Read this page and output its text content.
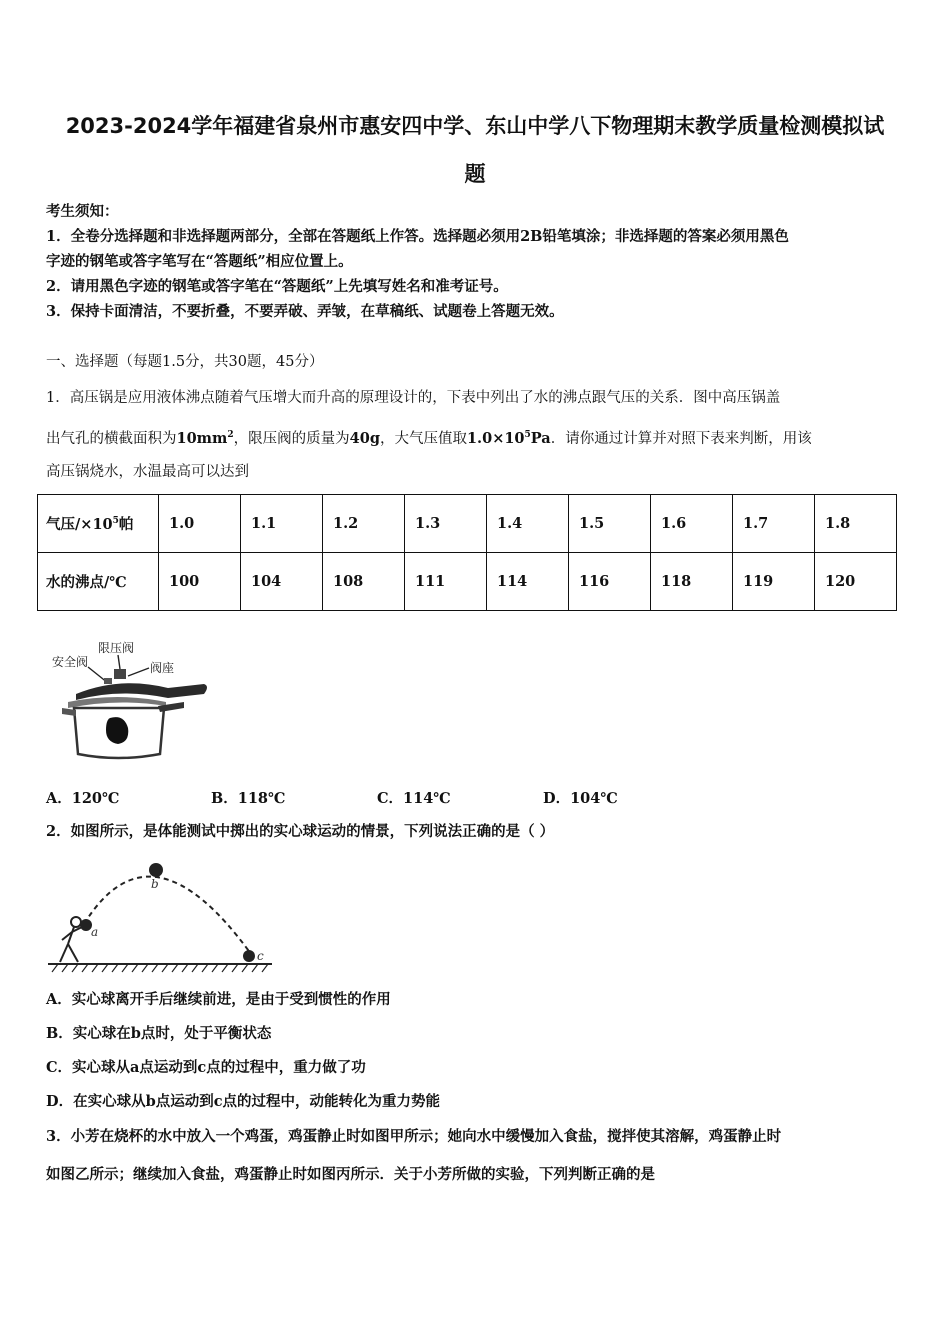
2023-2024学年福建省泉州市惠安四中学、东山中学八下物理期末教学质量检测模拟试
题
考生须知：
1．全卷分选择题和非选择题两部分，全部在答题纸上作答。选择题必须用2B铅笔填涂；非选择题的答案必须用黑色
字迹的钢笔或答字笔写在“答题纸”相应位置上。
2．请用黑色字迹的钢笔或答字笔在“答题纸”上先填写姓名和准考证号。
3．保持卡面清洁，不要折叠，不要弄破、弄皱，在草稿纸、试题卷上答题无效。
一、选择题（每题1.5分，共30题，45分）
1．高压锅是应用液体沸点随着气压增大而升高的原理设计的，下表中列出了水的沸点跟气压的关系．图中高压锅盖
出气孔的横截面积为$10mm^2$，限压阀的质量为40g，大气压值取$1.0\times 10^5Pa$．请你通过计算并对照下表来判断，用该
高压锅烧水，水温最高可以达到
气压$/\times 10^5$帕	1.0	1.1	1.2	1.3	1.4	1.5	1.6	1.7	1.8
水的沸点/℃	100	104	108	111	114	116	118	119	120
安全阀
限压阀
阀座
A．120℃	B．118℃	C．114℃	D．104℃
2．如图所示，是体能测试中掷出的实心球运动的情景，下列说法正确的是（ ）
a
b
c
A．实心球离开手后继续前进，是由于受到惯性的作用
B．实心球在b点时，处于平衡状态
C．实心球从a点运动到c点的过程中，重力做了功
D．在实心球从b点运动到c点的过程中，动能转化为重力势能
3．小芳在烧杯的水中放入一个鸡蛋，鸡蛋静止时如图甲所示；她向水中缓慢加入食盐，搅拌使其溶解，鸡蛋静止时
如图乙所示；继续加入食盐，鸡蛋静止时如图丙所示．关于小芳所做的实验，下列判断正确的是
